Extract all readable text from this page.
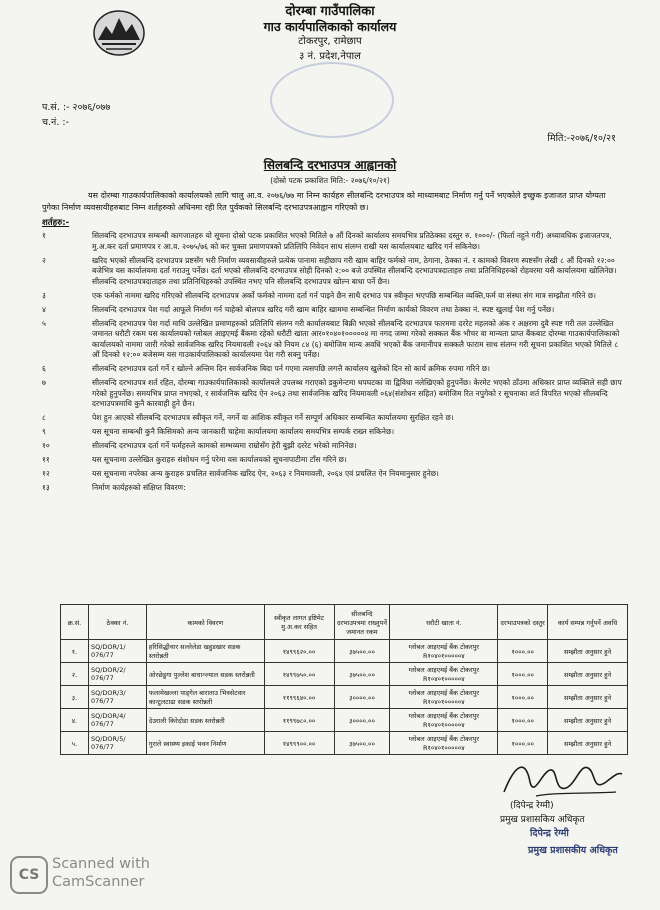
दोरम्बा गाउँपालिका
गाउ कार्यपालिकाको कार्यालय
टोकरपुर, रामेछाप
३ नं. प्रदेश,नेपाल
प.सं. :- २०७६/०७७
च.नं. :-
मिति:-२०७६/१०/२१
सिलबन्दि दरभाउपत्र आह्वानको
(दोस्रो पटक प्रकाशित मिति:- २०७६/१०/२१)
यस दोरम्बा गाउकार्यपालिकाको कार्यालयको लागि चालु आ.व. २०७६/७७ मा निम्न कार्यहरु सीलबन्दि दरभाउपत्र को माध्यामबाट निर्माण गर्नु पर्ने भएकोले इच्छुक इजाजत प्राप्त योग्यता पुगेका निर्माण व्यवसायीहरुबाट निम्न शर्तहरुको अधिनमा रही रित पुर्वकको सिलबन्दि दरभाउपत्रआह्वान गरिएको छ।
शर्तहरु:-
१	सिलबन्दि दरभाउपत्र सम्बन्धी कागजातहरु यो सूचना दोस्रो पटक प्रकाशित भएको मितिले ७ औं दिनको कार्यालय समयभित्र प्रतिठेक्का दस्तुर रु. १०००/- (फिर्ता नहुने गरी) अध्यावधिक इजाजतपत्र, मु.अ.कर दर्ता प्रमाणपत्र र आ.व. २०७५/७६ को कर चुक्ता प्रमाणपत्रको प्रतिलिपि निवेदन साथ संलग्न राखी यस कार्यालयबाट खरिद गर्न सकिनेछ।
२	खरिद भएको सीलबन्दि दरभाउपत्र प्रष्टसँग भरी निर्माण व्यवसायीहरुले प्रत्येक पानामा सहीछाप गरी खाम बाहिर फर्मको नाम, ठेगाना, ठेक्का नं. र कामको विवरण स्पष्टसँग लेखी ८ औं दिनको १२:०० बजेभित्र यस कार्यालयमा दर्ता गराउनु पर्नेछ। दर्ता भएको सीलबन्दि दरभाउपत्र सोही दिनको २:०० बजे उपस्थित सीलबन्दि दरभाउपत्रदाताहरु तथा प्रतिनिधिहरुको रोहवरमा यसै कार्यालयमा खोलिनेछ। सीलबन्दि दरभाउपत्रदाताहरु तथा प्रतिनिधिहरुको उपस्थित नभए पनि सीलबन्दि दरभाउपत्र खोल्न बाधा पर्ने छैन।
३	एक फर्मको नाममा खरिद गरिएको सीलबन्दि दरभाउपत्र अर्को फर्मको नाममा दर्ता गर्न पाइने छैन साथै दरभाउ पत्र स्वीकृत भएपछि सम्बन्धित व्यक्ति,फर्म वा संस्था संग मात्र सम्झौता गरिने छ।
४	सिलबन्दि दरभाउपत्र पेश गर्दा आफूले निर्माण गर्न चाहेको बोलपत्र खरिद गरी खाम बाहिर खाममा सम्बन्धित निर्माण कार्यको विवरण तथा ठेक्का नं. स्पष्ट खुलाई पेश गर्नु पर्नेछ।
५	सीलबन्दि दरभाउपत्र पेश गर्दा माथि उल्लेखित प्रमाणहरुको प्रतिलिपि संलग्न गरी कार्यालयबाट बिक्री भएको सीलबन्दि दरभाउपत्र फारममा दररेट महलको अंक र अक्षरमा दुवै स्पष्ट गरी तल उल्लेखित जमानत धरौटी रकम यस कार्यालयको ग्लोबल आइएमई बैंकमा रहेको धरौटी खाता आर०१०४०१०००००४ मा नगद जम्मा गरेको सक्कल बैंक भौचर वा मान्यता प्राप्त बैंकबाट दोरम्बा गाउकार्यपालिकाको कार्यालयको नाममा जारी गरेको सार्वजनिक खरिद नियमावली २०६४ को नियम ८४ (६) बमोजिम मान्य अवधि भएको बैंक जमानीपत्र सक्कलै फाराम साथ संलग्न गरी सूचना प्रकाशित भएको मितिले ८ औं दिनको १२:०० बजेसम्म यस गाउकार्यपालिकाको कार्यालयमा पेश गरी सक्नु पर्नेछ।
६	सीलबन्दि दरभाउपत्र दर्ता गर्ने र खोल्ने अन्तिम दिन सार्वजनिक बिदा पर्न गएमा त्यसपछि लगत्तै कार्यालय खुलेको दिन सो कार्य क्रमिक रुपमा गरिने छ।
७	सीलबन्दि दरभाउपत्र शर्त रहित, दोरम्बा गाउकार्यपालिकाको कार्यालयले उपलब्ध गराएको डकुमेन्टमा थपघटका वा द्विविधा नलेखिएको हुनुपर्नेछ। केरमेट भएको ठाँउमा अधिकार प्राप्त व्यक्तिले सही छाप गरेको हुनुपर्नेछ। समयभित्र प्राप्त नभएको, र सार्वजनिक खरिद ऐन २०६३ तथा सार्वजनिक खरिद नियमावली ०६४(संशोधन सहित) बमोजिम रित नपुगेको र सूचनाका शर्त विपरित भएको सीलबन्दि दरभाउपत्रमाथि कुनै कारवाही हुने छैन।
८	पेश हुन आएको सीलबन्दि दरभाउपत्र स्वीकृत गर्ने, नगर्ने वा आंशिक स्वीकृत गर्ने सम्पूर्ण अधिकार सम्बन्धित कार्यालयमा सुरक्षित रहने छ।
९	यस सूचना सम्बन्धी कुनै किसिमको अन्य जानकारी चाहेमा कार्यालयमा कार्यालय समयभित्र सम्पर्क राख्न सकिनेछ।
१०	सीलबन्दि दरभाउपत्र दर्ता गर्ने फर्महरुले कामको सम्भव्यमा राम्रोसँग हेरी बुझी दररेट भरेको मानिनेछ।
११	यस सूचनामा उल्लेखित कुराहरु संशोधन गर्नु परेमा यस कार्यालयको सूचनापाटीमा टाँस गरिने छ।
१२	यस सूचनामा नपरेका अन्य कुराहरु प्रचलित सार्वजनिक खरिद ऐन, २०६३ र नियमावली, २०६४ एवं प्रचलित ऐन नियमानुसार हुनेछ।
१३	निर्माण कार्यहरुको संक्षिप्त विवरण:
क्र.सं.	ठेक्का नं.	कामको विवरण	स्वीकृत लागत इष्टिमेट मु.अ.कर सहित	सीलबन्दि दरभाउपत्रमा राख्नुपर्ने जमानत रकम	धरौटी खाता नं.	दरभाउपत्रको दस्तुर	कार्य सम्पन्न गर्नुपर्ने अवधि
१.	SQ/DOR/1/ 076/77	हरिसिद्धीचार सल्लेलेडा खहुडखार सडक स्तरोन्नती	१४९९६२०.००	३७५००.००	ग्लोबल आइएमई बैंक टोकरपुर R१०४०१०००००४	१०००.००	सम्झौता अनुसार हुने
२.	SQ/DOR/2/ 076/77	ओरछेडुगा पुल्लेश बाधान्ज्याल सडक स्तरोन्नती	१४९९७५०.००	३७५००.००	ग्लोबल आइएमई बैंक टोकरपुर R१०४०१०००००४	१०००.००	सम्झौता अनुसार हुने
३.	SQ/DOR/3/ 076/77	फलामेखल्ला पाड्गेल बाराताउ भित्रसेटवार कान्टुलटाढा सडक स्तरोन्नती	११९९६४०.००	३००००.००	ग्लोबल आइएमई बैंक टोकरपुर R१०४०१०००००४	१०००.००	सम्झौता अनुसार हुने
४.	SQ/DOR/4/ 076/77	देउराली किरेदोडा सडक स्तरोन्नती	११९९७८०.००	३००००.००	ग्लोबल आइएमई बैंक टोकरपुर R१०४०१०००००४	१०००.००	सम्झौता अनुसार हुने
५.	SQ/DOR/5/ 076/77	गुराले स्वास्थ्य इकाई भवन निर्माण	१४९९९००.००	३७५००.००	ग्लोबल आइएमई बैंक टोकरपुर R१०४०१०००००४	१०००.००	सम्झौता अनुसार हुने
(दिपेन्द्र रेग्मी)
प्रमुख प्रशासकिय अधिकृत
दिपेन्द्र रेग्मी
प्रमुख प्रशासकीय अधिकृत
CS
Scanned with
CamScanner
